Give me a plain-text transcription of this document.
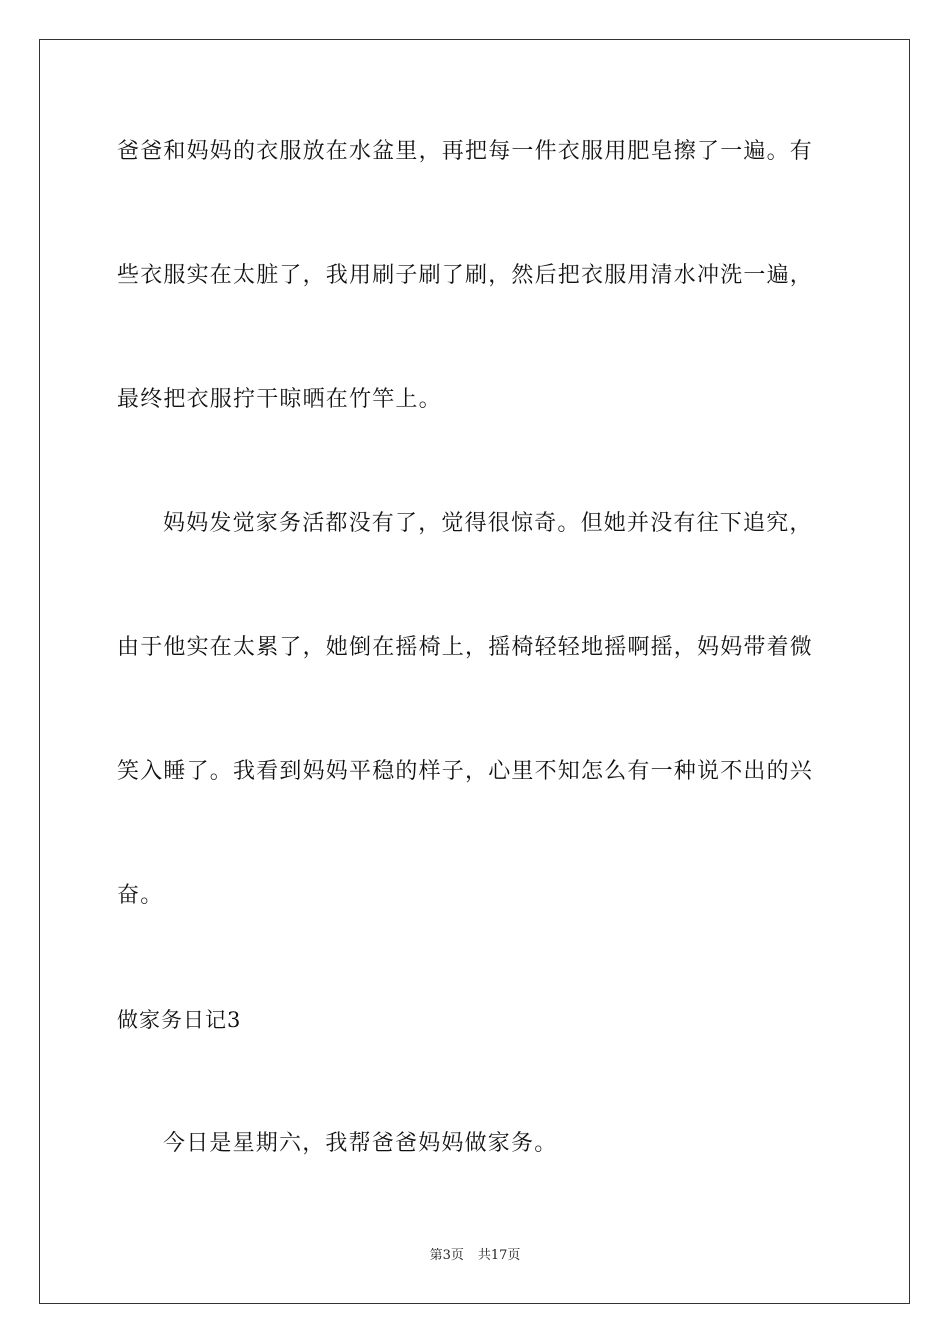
爸爸和妈妈的衣服放在水盆里，再把每一件衣服用肥皂擦了一遍。有
些衣服实在太脏了，我用刷子刷了刷，然后把衣服用清水冲洗一遍，
最终把衣服拧干晾晒在竹竿上。
妈妈发觉家务活都没有了，觉得很惊奇。但她并没有往下追究，
由于他实在太累了，她倒在摇椅上，摇椅轻轻地摇啊摇，妈妈带着微
笑入睡了。我看到妈妈平稳的样子，心里不知怎么有一种说不出的兴
奋。
做家务日记3
今日是星期六，我帮爸爸妈妈做家务。
第3页 共17页
